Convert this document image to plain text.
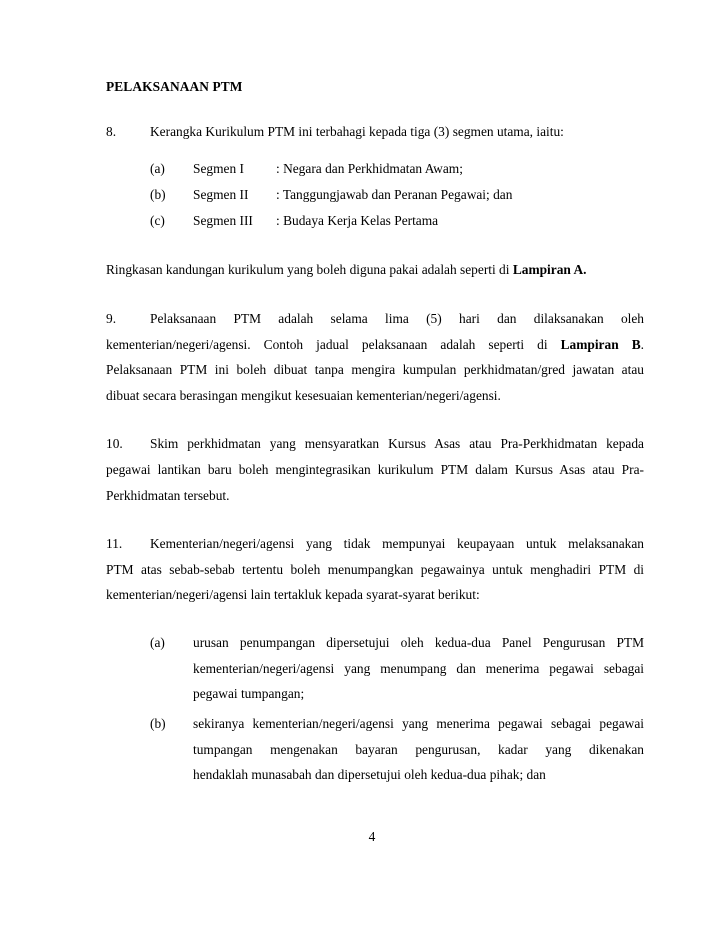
PELAKSANAAN PTM
8.	Kerangka Kurikulum PTM ini terbahagi kepada tiga (3) segmen utama, iaitu:
(a) Segmen I : Negara dan Perkhidmatan Awam;
(b) Segmen II : Tanggungjawab dan Peranan Pegawai; dan
(c) Segmen III : Budaya Kerja Kelas Pertama
Ringkasan kandungan kurikulum yang boleh diguna pakai adalah seperti di Lampiran A.
9.	Pelaksanaan PTM adalah selama lima (5) hari dan dilaksanakan oleh
kementerian/negeri/agensi. Contoh jadual pelaksanaan adalah seperti di Lampiran B.
Pelaksanaan PTM ini boleh dibuat tanpa mengira kumpulan perkhidmatan/gred jawatan atau
dibuat secara berasingan mengikut kesesuaian kementerian/negeri/agensi.
10. Skim perkhidmatan yang mensyaratkan Kursus Asas atau Pra-Perkhidmatan kepada
pegawai lantikan baru boleh mengintegrasikan kurikulum PTM dalam Kursus Asas atau Pra-
Perkhidmatan tersebut.
11. Kementerian/negeri/agensi yang tidak mempunyai keupayaan untuk melaksanakan
PTM atas sebab-sebab tertentu boleh menumpangkan pegawainya untuk menghadiri PTM di
kementerian/negeri/agensi lain tertakluk kepada syarat-syarat berikut:
(a) urusan penumpangan dipersetujui oleh kedua-dua Panel Pengurusan PTM
kementerian/negeri/agensi yang menumpang dan menerima pegawai sebagai
pegawai tumpangan;
(b) sekiranya kementerian/negeri/agensi yang menerima pegawai sebagai pegawai
tumpangan mengenakan bayaran pengurusan, kadar yang dikenakan
hendaklah munasabah dan dipersetujui oleh kedua-dua pihak; dan
4
